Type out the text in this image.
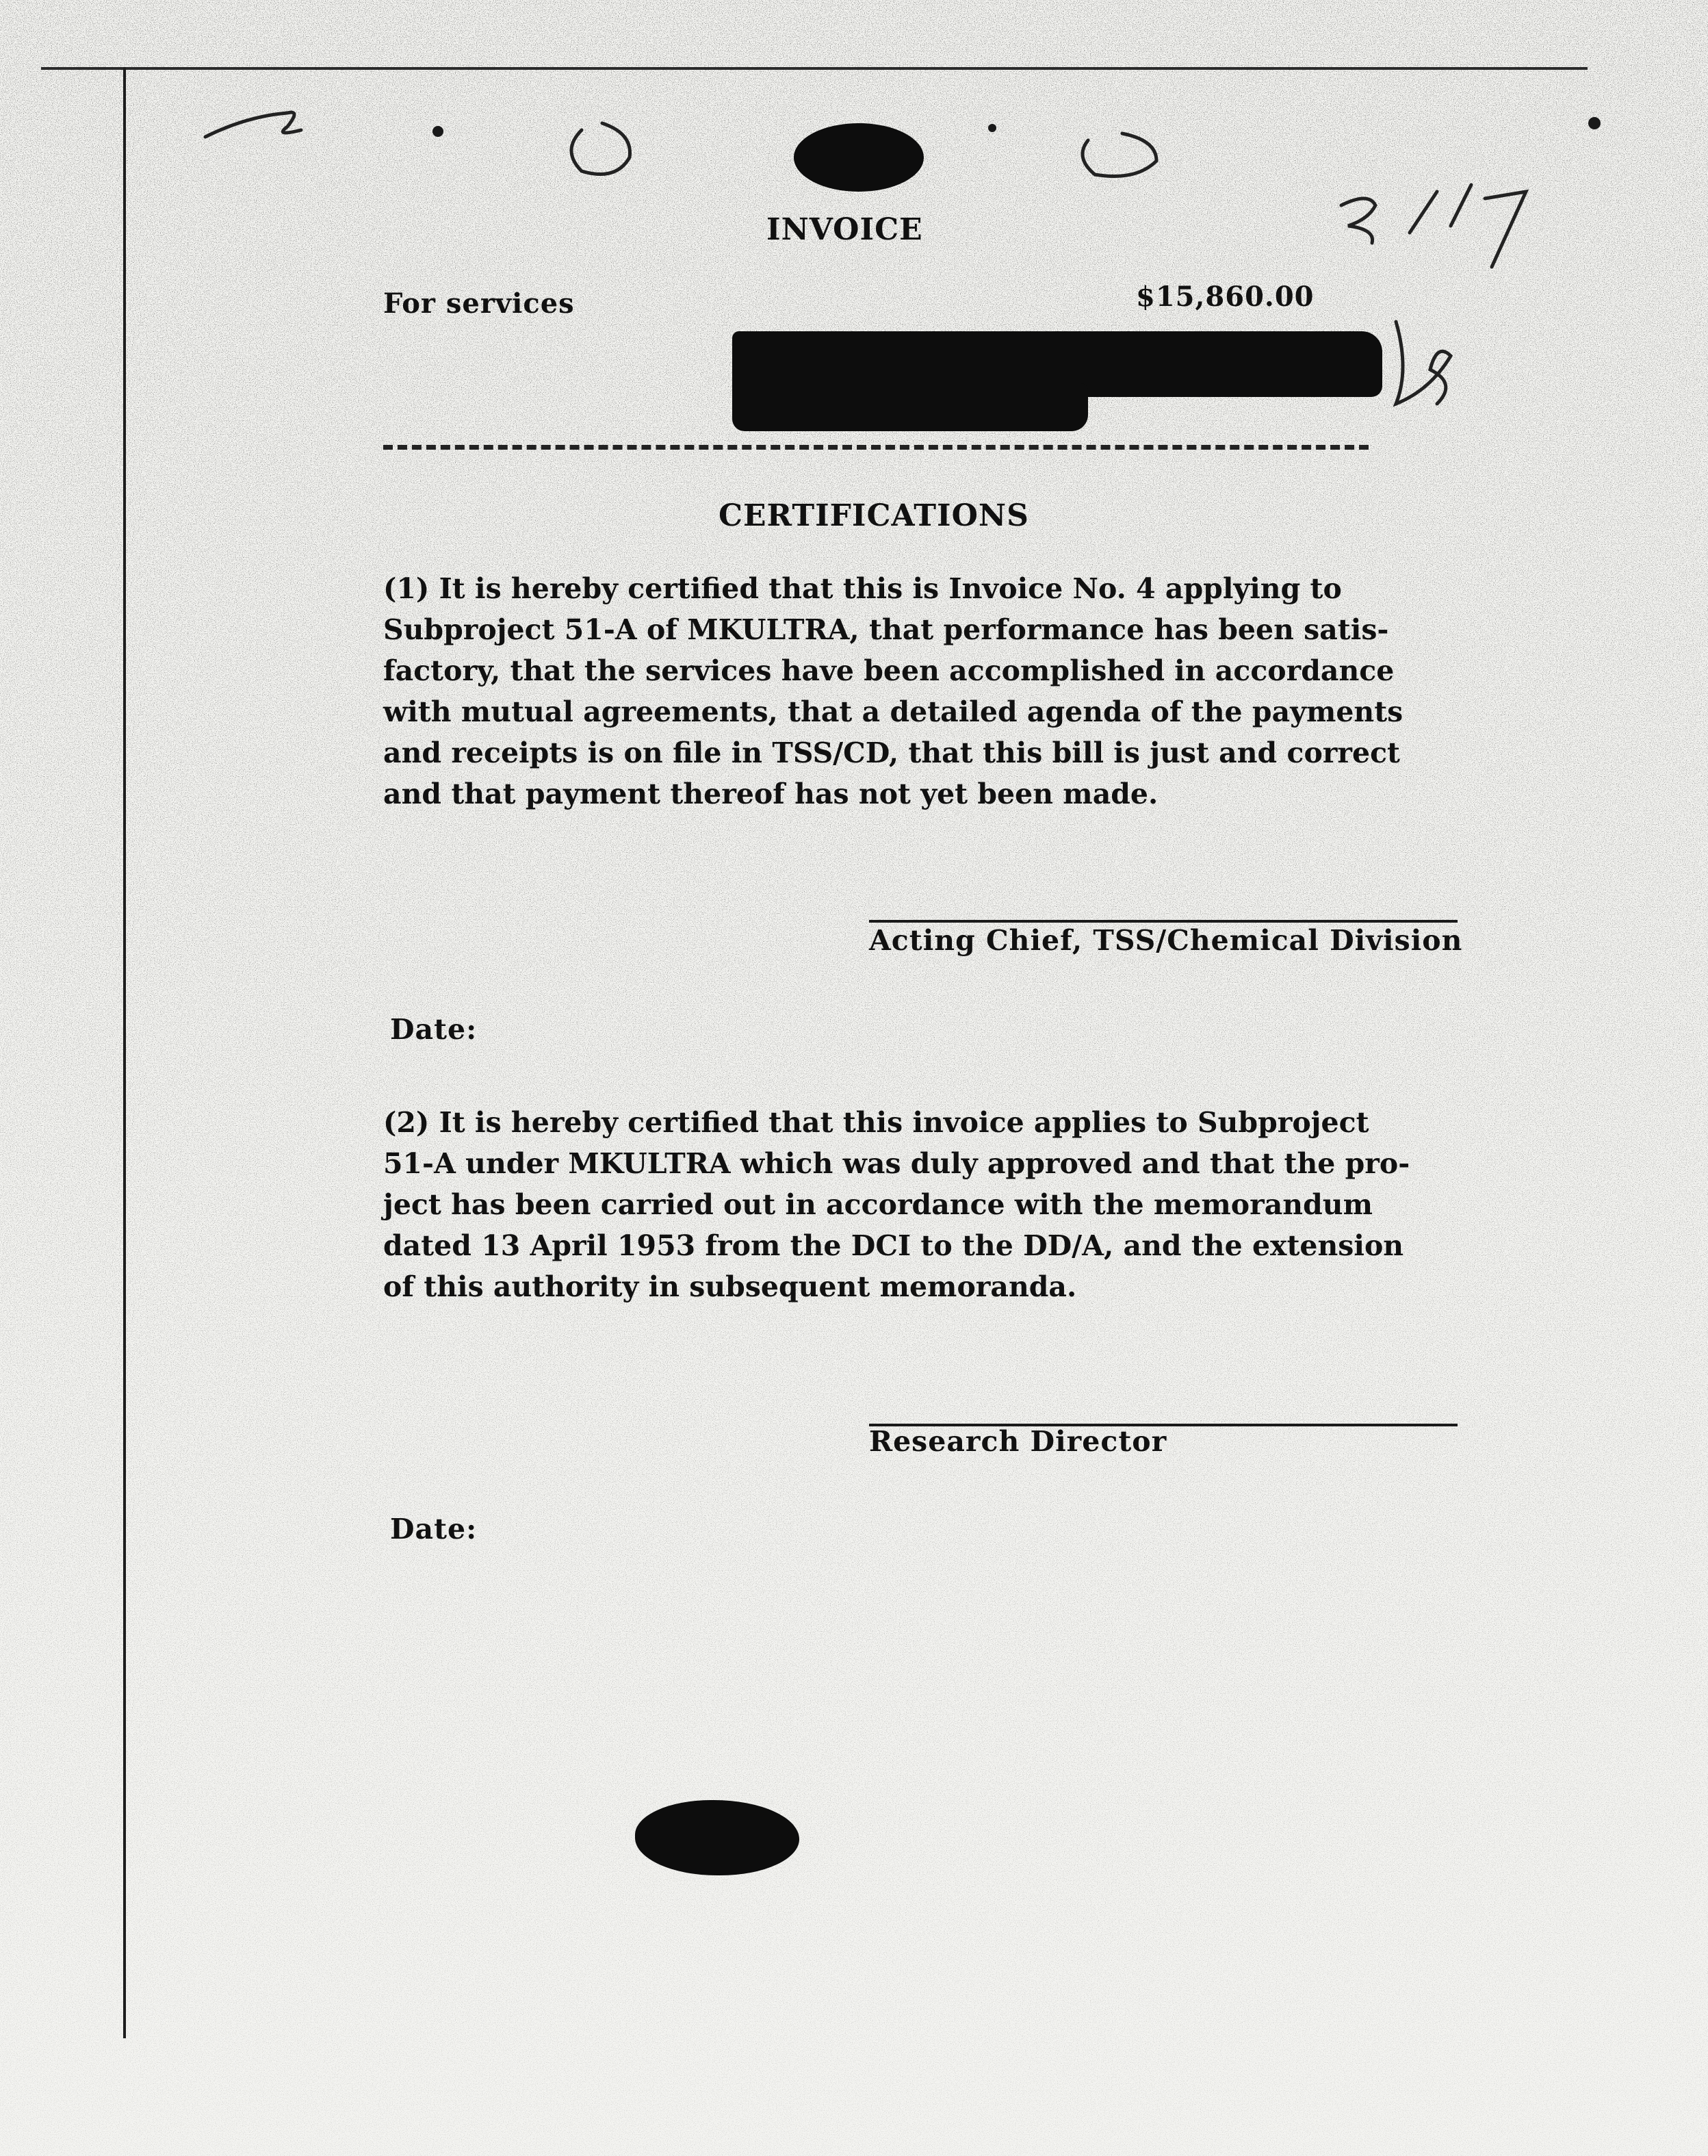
INVOICE
For services	$15,860.00
CERTIFICATIONS
(1) It is hereby certified that this is Invoice No. 4 applying to
Subproject 51-A of MKULTRA, that performance has been satis-
factory, that the services have been accomplished in accordance
with mutual agreements, that a detailed agenda of the payments
and receipts is on file in TSS/CD, that this bill is just and correct
and that payment thereof has not yet been made.
Acting Chief, TSS/Chemical Division
Date:
(2) It is hereby certified that this invoice applies to Subproject
51-A under MKULTRA which was duly approved and that the pro-
ject has been carried out in accordance with the memorandum
dated 13 April 1953 from the DCI to the DD/A, and the extension
of this authority in subsequent memoranda.
Research Director
Date:
